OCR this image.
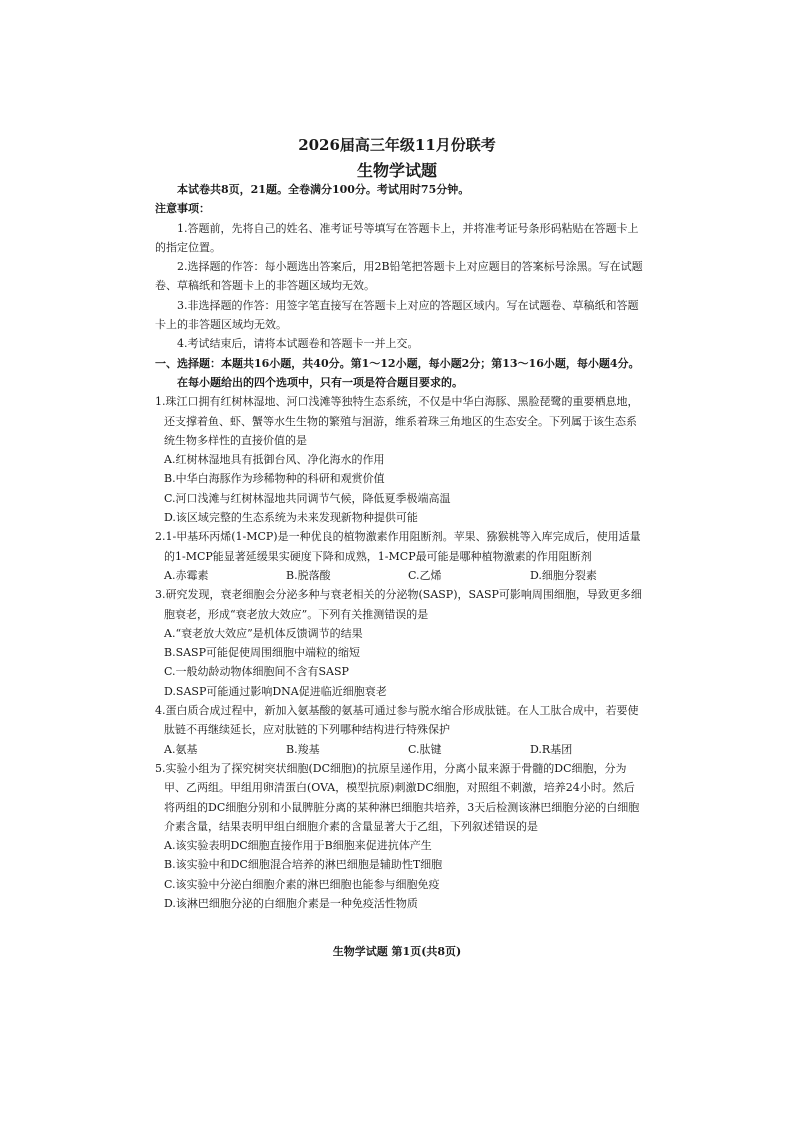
2026届高三年级11月份联考
生物学试题

本试卷共8页，21题。全卷满分100分。考试用时75分钟。

注意事项：

1.答题前，先将自己的姓名、准考证号等填写在答题卡上，并将准考证号条形码粘贴在答题卡上的指定位置。

2.选择题的作答：每小题选出答案后，用2B铅笔把答题卡上对应题目的答案标号涂黑。写在试题卷、草稿纸和答题卡上的非答题区域均无效。

3.非选择题的作答：用签字笔直接写在答题卡上对应的答题区域内。写在试题卷、草稿纸和答题卡上的非答题区域均无效。

4.考试结束后，请将本试题卷和答题卡一并上交。

一、选择题：本题共16小题，共40分。第1～12小题，每小题2分；第13～16小题，每小题4分。在每小题给出的四个选项中，只有一项是符合题目要求的。

1.珠江口拥有红树林湿地、河口浅滩等独特生态系统，不仅是中华白海豚、黑脸琵鹭的重要栖息地，还支撑着鱼、虾、蟹等水生生物的繁殖与洄游，维系着珠三角地区的生态安全。下列属于该生态系统生物多样性的直接价值的是

A.红树林湿地具有抵御台风、净化海水的作用

B.中华白海豚作为珍稀物种的科研和观赏价值

C.河口浅滩与红树林湿地共同调节气候，降低夏季极端高温

D.该区域完整的生态系统为未来发现新物种提供可能

2.1-甲基环丙烯(1-MCP)是一种优良的植物激素作用阻断剂。苹果、猕猴桃等入库完成后，使用适量的1-MCP能显著延缓果实硬度下降和成熟，1-MCP最可能是哪种植物激素的作用阻断剂

A.赤霉素	B.脱落酸	C.乙烯	D.细胞分裂素

3.研究发现，衰老细胞会分泌多种与衰老相关的分泌物(SASP)，SASP可影响周围细胞，导致更多细胞衰老，形成“衰老放大效应”。下列有关推测错误的是

A.“衰老放大效应”是机体反馈调节的结果

B.SASP可能促使周围细胞中端粒的缩短

C.一般幼龄动物体细胞间不含有SASP

D.SASP可能通过影响DNA促进临近细胞衰老

4.蛋白质合成过程中，新加入氨基酸的氨基可通过参与脱水缩合形成肽链。在人工肽合成中，若要使肽链不再继续延长，应对肽链的下列哪种结构进行特殊保护

A.氨基	B.羧基	C.肽键	D.R基团

5.实验小组为了探究树突状细胞(DC细胞)的抗原呈递作用，分离小鼠来源于骨髓的DC细胞，分为甲、乙两组。甲组用卵清蛋白(OVA，模型抗原)刺激DC细胞，对照组不刺激，培养24小时。然后将两组的DC细胞分别和小鼠脾脏分离的某种淋巴细胞共培养，3天后检测该淋巴细胞分泌的白细胞介素含量，结果表明甲组白细胞介素的含量显著大于乙组，下列叙述错误的是

A.该实验表明DC细胞直接作用于B细胞来促进抗体产生

B.该实验中和DC细胞混合培养的淋巴细胞是辅助性T细胞

C.该实验中分泌白细胞介素的淋巴细胞也能参与细胞免疫

D.该淋巴细胞分泌的白细胞介素是一种免疫活性物质

生物学试题 第1页(共8页)
